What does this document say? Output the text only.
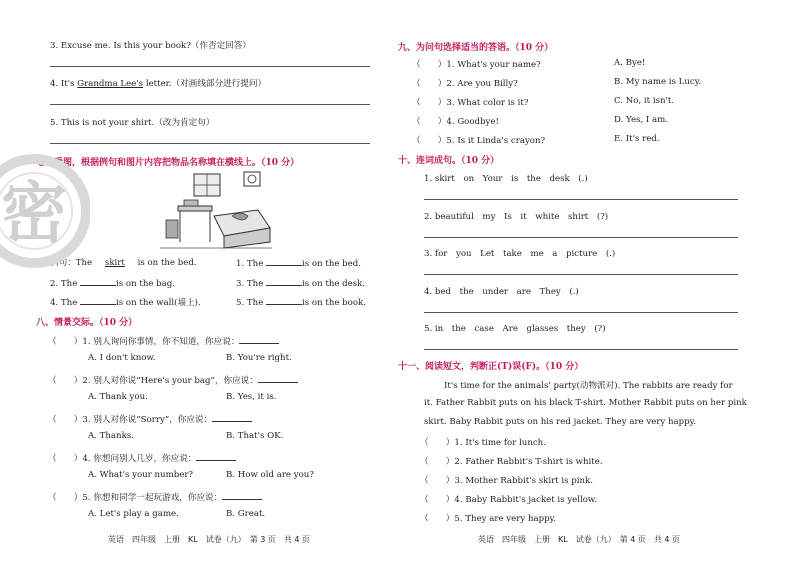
3. Excuse me. Is this your book?（作否定回答）
4. It's Grandma Lee's letter.（对画线部分进行提问）
5. This is not your shirt.（改为肯定句）
七、看图，根据例句和图片内容把物品名称填在横线上。（10 分）
例句：The skirt is on the bed.	1. The	is on the bed.
2. The	is on the bag.	3. The	is on the desk.
4. The	is on the wall(墙上).	5. The	is on the book.
八、情景交际。（10 分）
（　　）1. 别人询问你事情，你不知道，你应说：
A. I don't know.	B. You're right.
（　　）2. 别人对你说“Here's your bag”，你应说：
A. Thank you.	B. Yes, it is.
（　　）3. 别人对你说“Sorry”，你应说：
A. Thanks.	B. That's OK.
（　　）4. 你想问别人几岁，你应说：
A. What's your number?	B. How old are you?
（　　）5. 你想和同学一起玩游戏，你应说：
A. Let's play a game.	B. Great.
英语　四年级　上册　KL　试卷（九）　第 3 页　共 4 页
密
九、为问句选择适当的答语。（10 分）
（　　）1. What's your name?	A. Bye!
（　　）2. Are you Billy?	B. My name is Lucy.
（　　）3. What color is it?	C. No, it isn't.
（　　）4. Goodbye!	D. Yes, I am.
（　　）5. Is it Linda's crayon?	E. It's red.
十、连词成句。（10 分）
1. skirt　on　Your　is　the　desk　(.)
2. beautiful　my　Is　it　white　shirt　(?)
3. for　you　Let　take　me　a　picture　(.)
4. bed　the　under　are　They　(.)
5. in　the　case　Are　glasses　they　(?)
十一、阅读短文，判断正(T)误(F)。（10 分）
It's time for the animals' party(动物派对). The rabbits are ready for
it. Father Rabbit puts on his black T-shirt. Mother Rabbit puts on her pink
skirt. Baby Rabbit puts on his red jacket. They are very happy.
（　　）1. It's time for lunch.
（　　）2. Father Rabbit's T-shirt is white.
（　　）3. Mother Rabbit's skirt is pink.
（　　）4. Baby Rabbit's jacket is yellow.
（　　）5. They are very happy.
英语　四年级　上册　KL　试卷（九）　第 4 页　共 4 页
